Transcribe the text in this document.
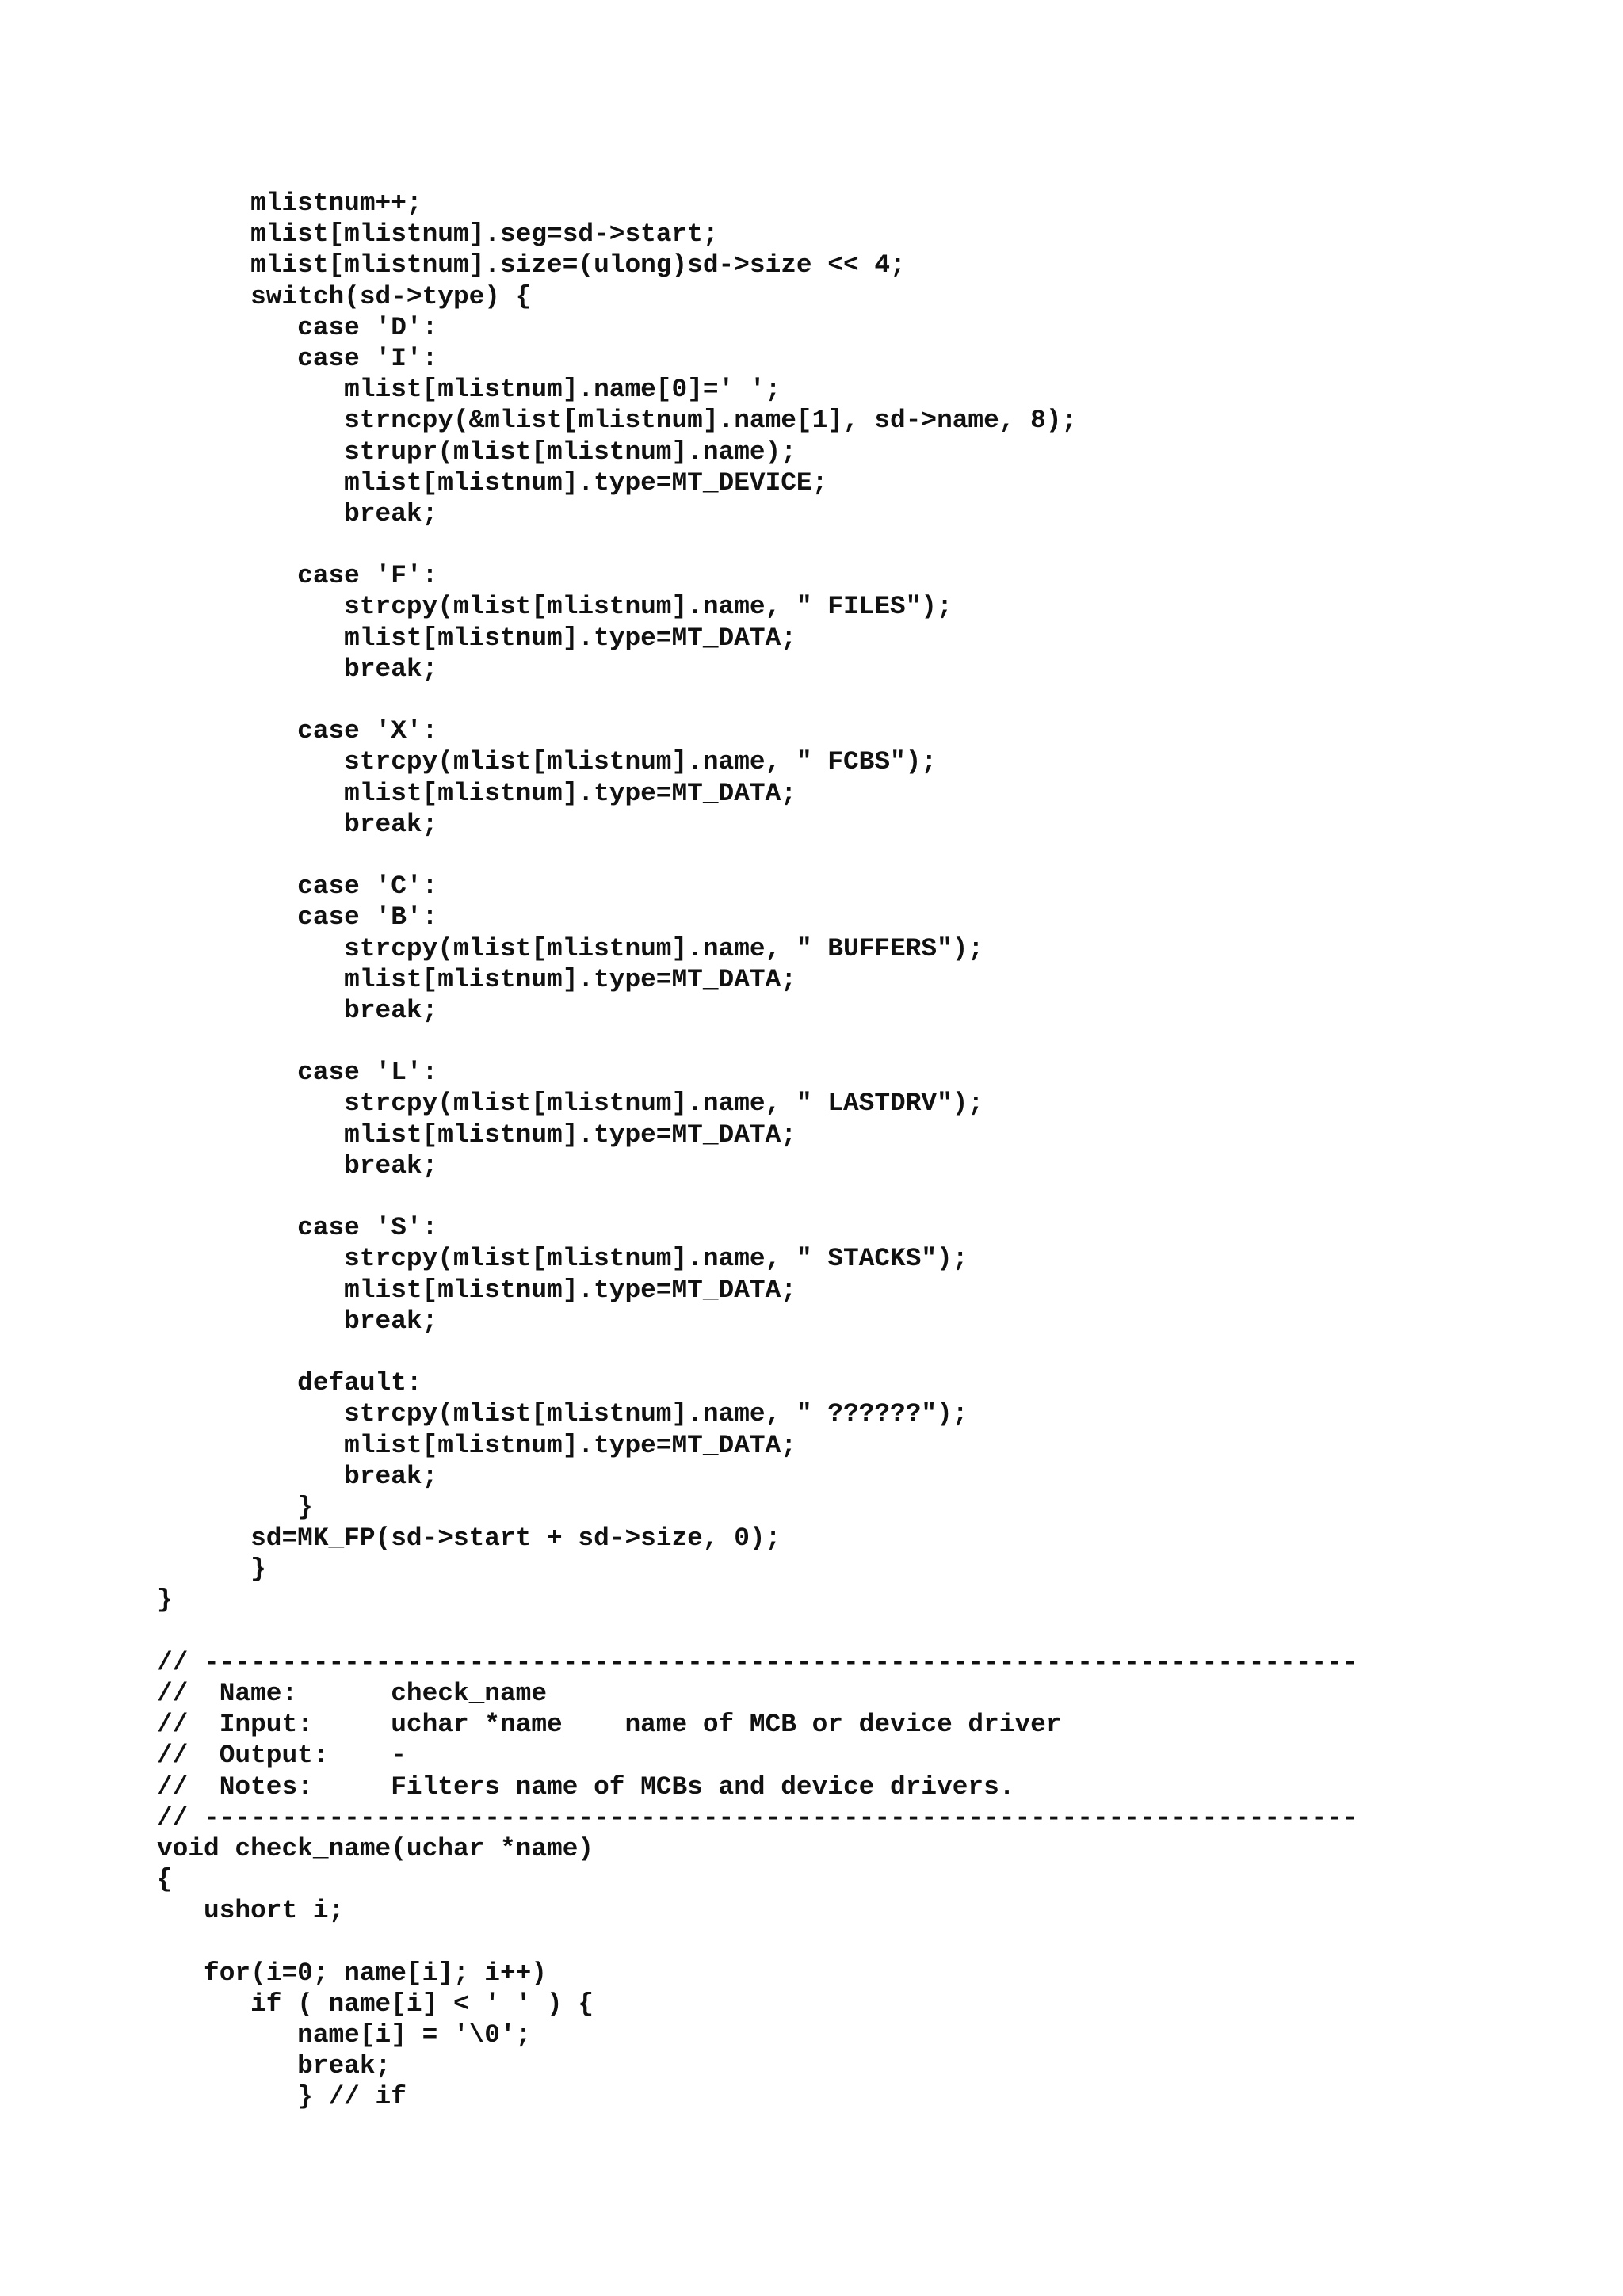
mlistnum++;
mlist[mlistnum].seg=sd->start;
mlist[mlistnum].size=(ulong)sd->size << 4;
switch(sd->type) {
case 'D':
case 'I':
mlist[mlistnum].name[0]=' ';
strncpy(&mlist[mlistnum].name[1], sd->name, 8);
strupr(mlist[mlistnum].name);
mlist[mlistnum].type=MT_DEVICE;
break;
case 'F':
strcpy(mlist[mlistnum].name, " FILES");
mlist[mlistnum].type=MT_DATA;
break;
case 'X':
strcpy(mlist[mlistnum].name, " FCBS");
mlist[mlistnum].type=MT_DATA;
break;
case 'C':
case 'B':
strcpy(mlist[mlistnum].name, " BUFFERS");
mlist[mlistnum].type=MT_DATA;
break;
case 'L':
strcpy(mlist[mlistnum].name, " LASTDRV");
mlist[mlistnum].type=MT_DATA;
break;
case 'S':
strcpy(mlist[mlistnum].name, " STACKS");
mlist[mlistnum].type=MT_DATA;
break;
default:
strcpy(mlist[mlistnum].name, " ??????");
mlist[mlistnum].type=MT_DATA;
break;
}
sd=MK_FP(sd->start + sd->size, 0);
}
}
// --------------------------------------------------------------------------
//  Name:      check_name
//  Input:     uchar *name    name of MCB or device driver
//  Output:    -
//  Notes:     Filters name of MCBs and device drivers.
// --------------------------------------------------------------------------
void check_name(uchar *name)
{
ushort i;
for(i=0; name[i]; i++)
if ( name[i] < ' ' ) {
name[i] = '\0';
break;
} // if
